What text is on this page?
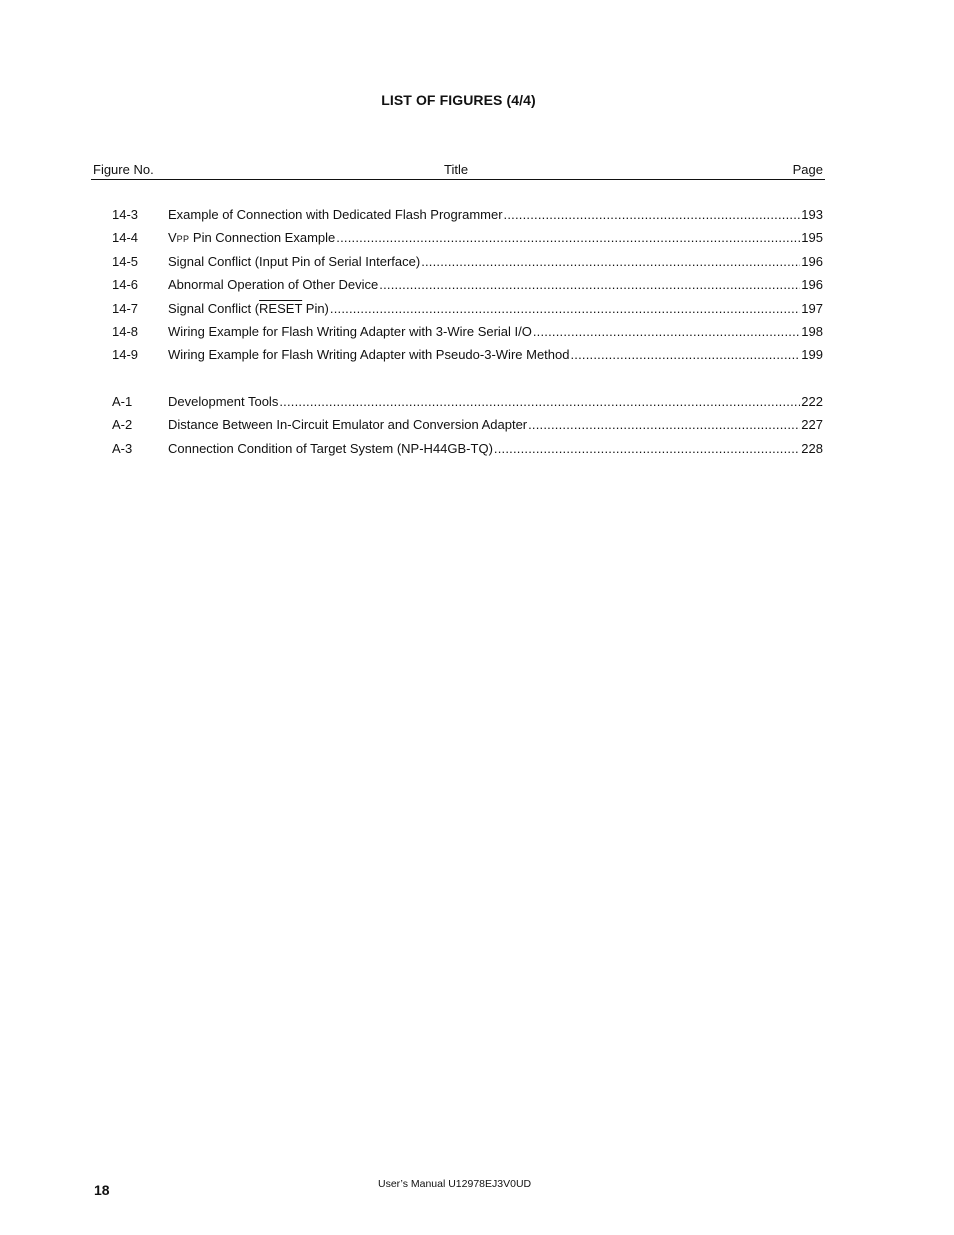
LIST OF FIGURES (4/4)
Figure No.	Title	Page
14-3 Example of Connection with Dedicated Flash Programmer .....	193
14-4 VPP Pin Connection Example .....	195
14-5 Signal Conflict (Input Pin of Serial Interface) .....	196
14-6 Abnormal Operation of Other Device .....	196
14-7 Signal Conflict (RESET Pin) .....	197
14-8 Wiring Example for Flash Writing Adapter with 3-Wire Serial I/O .....	198
14-9 Wiring Example for Flash Writing Adapter with Pseudo-3-Wire Method .....	199
A-1	Development Tools .....	222
A-2	Distance Between In-Circuit Emulator and Conversion Adapter .....	227
A-3	Connection Condition of Target System (NP-H44GB-TQ) .....	228
18	User’s Manual U12978EJ3V0UD
